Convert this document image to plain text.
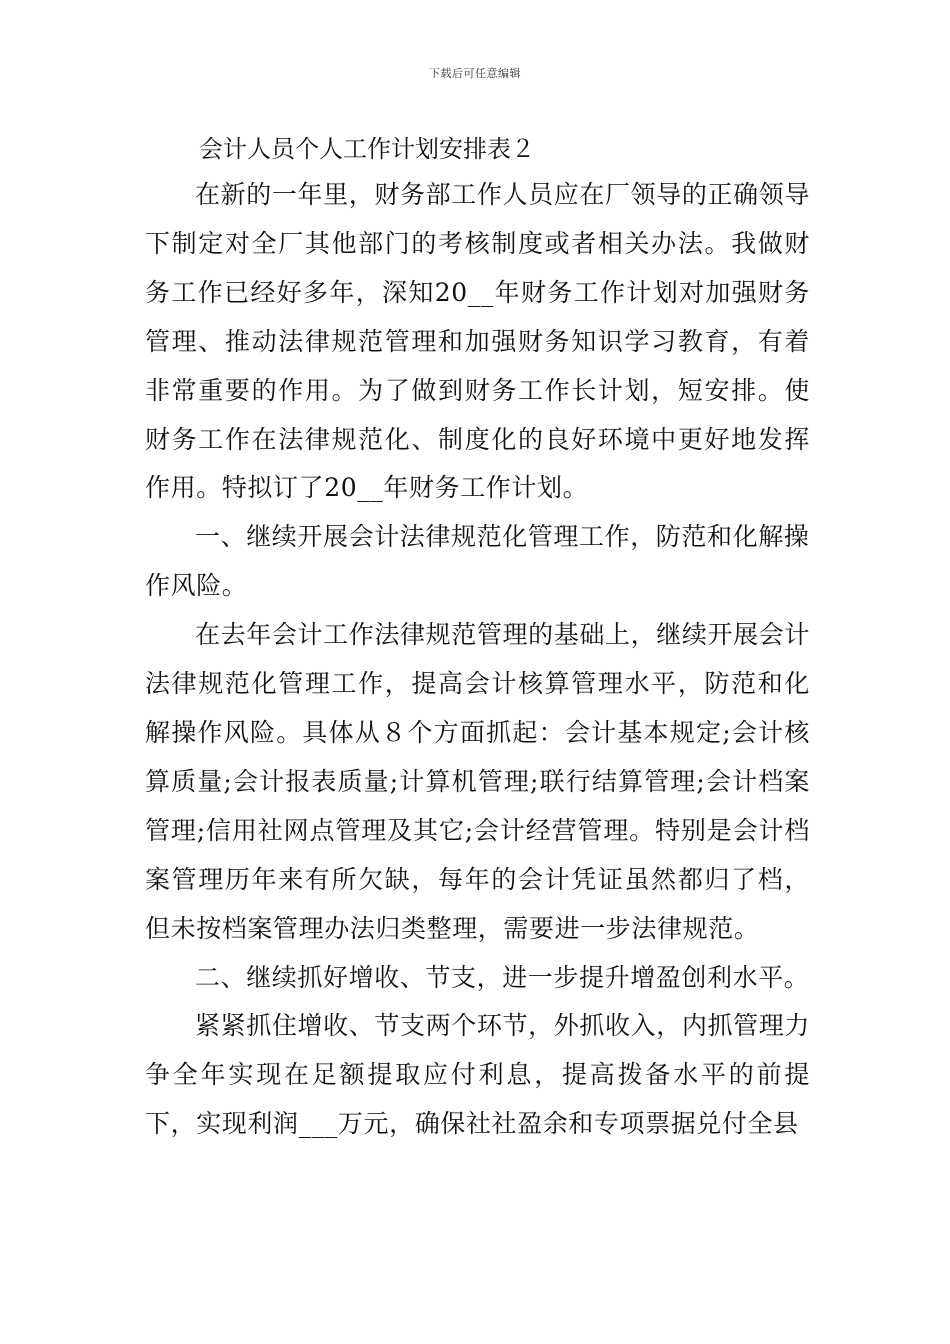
下载后可任意编辑
会计人员个人工作计划安排表２

在新的一年里，财务部工作人员应在厂领导的正确领导下制定对全厂其他部门的考核制度或者相关办法。我做财务工作已经好多年，深知20__年财务工作计划对加强财务管理、推动法律规范管理和加强财务知识学习教育，有着非常重要的作用。为了做到财务工作长计划，短安排。使财务工作在法律规范化、制度化的良好环境中更好地发挥作用。特拟订了20__年财务工作计划。

一、继续开展会计法律规范化管理工作，防范和化解操作风险。

在去年会计工作法律规范管理的基础上，继续开展会计法律规范化管理工作，提高会计核算管理水平，防范和化解操作风险。具体从８个方面抓起：会计基本规定;会计核算质量;会计报表质量;计算机管理;联行结算管理;会计档案管理;信用社网点管理及其它;会计经营管理。特别是会计档案管理历年来有所欠缺，每年的会计凭证虽然都归了档，但未按档案管理办法归类整理，需要进一步法律规范。

二、继续抓好增收、节支，进一步提升增盈创利水平。

紧紧抓住增收、节支两个环节，外抓收入，内抓管理力争全年实现在足额提取应付利息，提高拨备水平的前提下，实现利润___万元，确保社社盈余和专项票据兑付全县
